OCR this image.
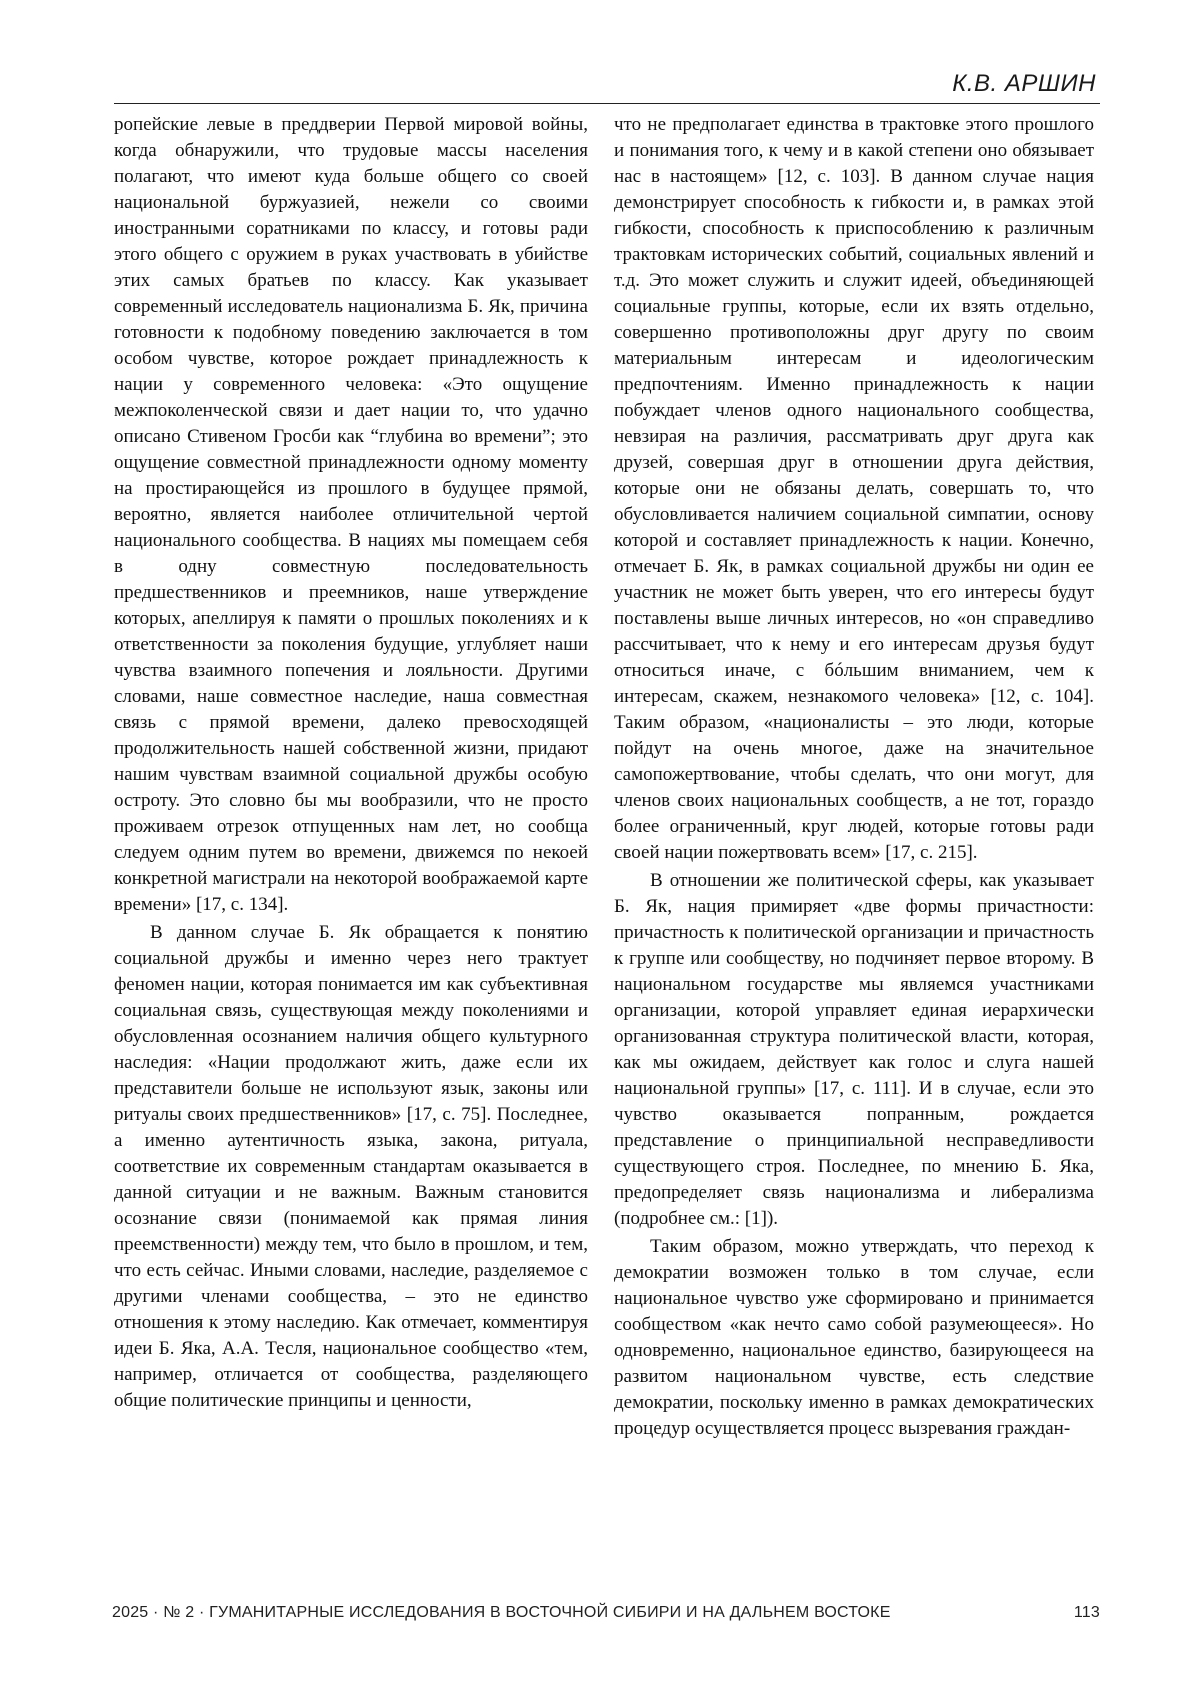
К.В. АРШИН

ропейские левые в преддверии Первой мировой войны, когда обнаружили, что трудовые массы населения полагают, что имеют куда больше общего со своей национальной буржуазией, нежели со своими иностранными соратниками по классу, и готовы ради этого общего с оружием в руках участвовать в убийстве этих самых братьев по классу. Как указывает современный исследователь национализма Б. Як, причина готовности к подобному поведению заключается в том особом чувстве, которое рождает принадлежность к нации у современного человека: «Это ощущение межпоколенческой связи и дает нации то, что удачно описано Стивеном Гросби как “глубина во времени”; это ощущение совместной принадлежности одному моменту на простирающейся из прошлого в будущее прямой, вероятно, является наиболее отличительной чертой национального сообщества. В нациях мы помещаем себя в одну совместную последовательность предшественников и преемников, наше утверждение которых, апеллируя к памяти о прошлых поколениях и к ответственности за поколения будущие, углубляет наши чувства взаимного попечения и лояльности. Другими словами, наше совместное наследие, наша совместная связь с прямой времени, далеко превосходящей продолжительность нашей собственной жизни, придают нашим чувствам взаимной социальной дружбы особую остроту. Это словно бы мы вообразили, что не просто проживаем отрезок отпущенных нам лет, но сообща следуем одним путем во времени, движемся по некоей конкретной магистрали на некоторой воображаемой карте времени» [17, с. 134].

В данном случае Б. Як обращается к понятию социальной дружбы и именно через него трактует феномен нации, которая понимается им как субъективная социальная связь, существующая между поколениями и обусловленная осознанием наличия общего культурного наследия: «Нации продолжают жить, даже если их представители больше не используют язык, законы или ритуалы своих предшественников» [17, с. 75]. Последнее, а именно аутентичность языка, закона, ритуала, соответствие их современным стандартам оказывается в данной ситуации и не важным. Важным становится осознание связи (понимаемой как прямая линия преемственности) между тем, что было в прошлом, и тем, что есть сейчас. Иными словами, наследие, разделяемое с другими членами сообщества, – это не единство отношения к этому наследию. Как отмечает, комментируя идеи Б. Яка, А.А. Тесля, национальное сообщество «тем, например, отличается от сообщества, разделяющего общие политические принципы и ценности,

что не предполагает единства в трактовке этого прошлого и понимания того, к чему и в какой степени оно обязывает нас в настоящем» [12, с. 103]. В данном случае нация демонстрирует способность к гибкости и, в рамках этой гибкости, способность к приспособлению к различным трактовкам исторических событий, социальных явлений и т.д. Это может служить и служит идеей, объединяющей социальные группы, которые, если их взять отдельно, совершенно противоположны друг другу по своим материальным интересам и идеологическим предпочтениям. Именно принадлежность к нации побуждает членов одного национального сообщества, невзирая на различия, рассматривать друг друга как друзей, совершая друг в отношении друга действия, которые они не обязаны делать, совершать то, что обусловливается наличием социальной симпатии, основу которой и составляет принадлежность к нации. Конечно, отмечает Б. Як, в рамках социальной дружбы ни один ее участник не может быть уверен, что его интересы будут поставлены выше личных интересов, но «он справедливо рассчитывает, что к нему и его интересам друзья будут относиться иначе, с бóльшим вниманием, чем к интересам, скажем, незнакомого человека» [12, с. 104]. Таким образом, «националисты – это люди, которые пойдут на очень многое, даже на значительное самопожертвование, чтобы сделать, что они могут, для членов своих национальных сообществ, а не тот, гораздо более ограниченный, круг людей, которые готовы ради своей нации пожертвовать всем» [17, с. 215].

В отношении же политической сферы, как указывает Б. Як, нация примиряет «две формы причастности: причастность к политической организации и причастность к группе или сообществу, но подчиняет первое второму. В национальном государстве мы являемся участниками организации, которой управляет единая иерархически организованная структура политической власти, которая, как мы ожидаем, действует как голос и слуга нашей национальной группы» [17, с. 111]. И в случае, если это чувство оказывается попранным, рождается представление о принципиальной несправедливости существующего строя. Последнее, по мнению Б. Яка, предопределяет связь национализма и либерализма (подробнее см.: [1]).

Таким образом, можно утверждать, что переход к демократии возможен только в том случае, если национальное чувство уже сформировано и принимается сообществом «как нечто само собой разумеющееся». Но одновременно, национальное единство, базирующееся на развитом национальном чувстве, есть следствие демократии, поскольку именно в рамках демократических процедур осуществляется процесс вызревания граждан-

2025 · № 2 · ГУМАНИТАРНЫЕ ИССЛЕДОВАНИЯ В ВОСТОЧНОЙ СИБИРИ И НА ДАЛЬНЕМ ВОСТОКЕ	113
